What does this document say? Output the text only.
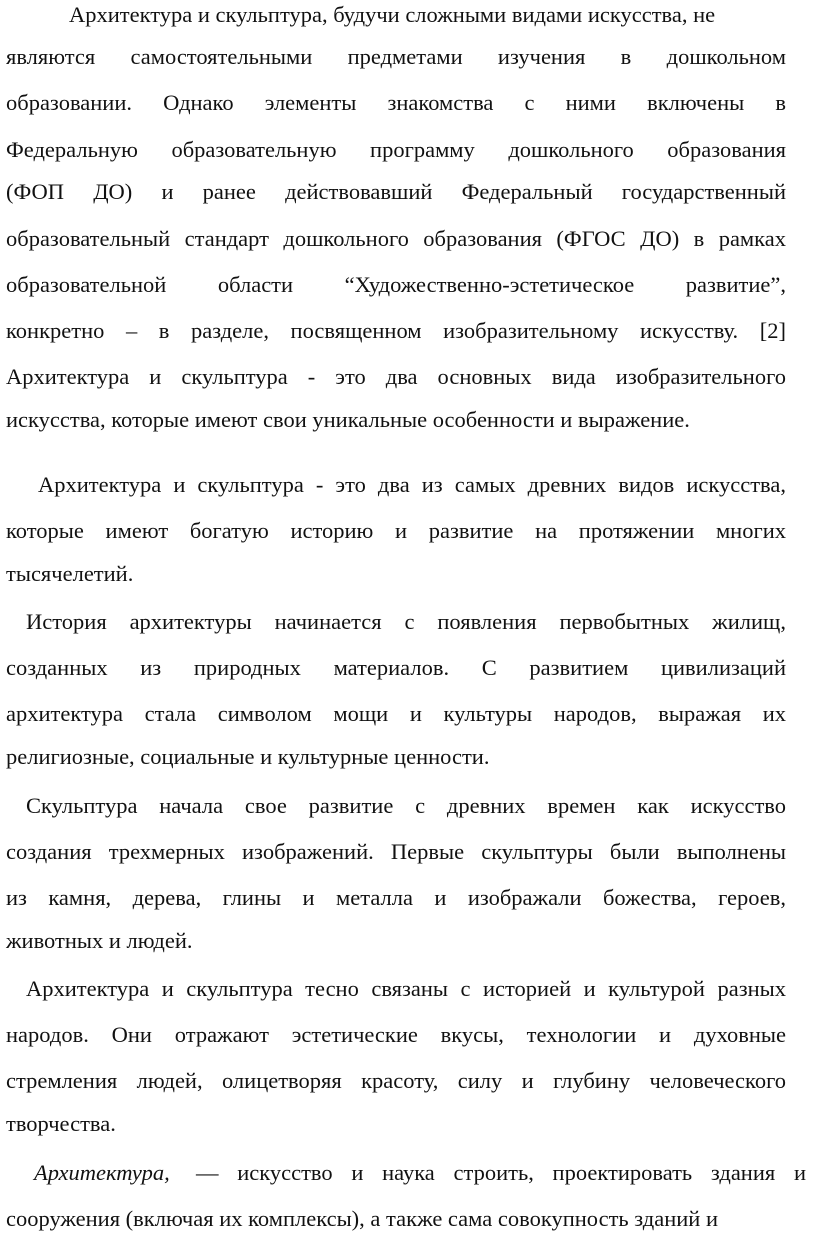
Архитектура и скульптура, будучи сложными видами искусства, не
являются самостоятельными предметами изучения в дошкольном
образовании. Однако элементы знакомства с ними включены в
Федеральную образовательную программу дошкольного образования
(ФОП ДО) и ранее действовавший Федеральный государственный
образовательный стандарт дошкольного образования (ФГОС ДО) в рамках
образовательной области “Художественно-эстетическое развитие”,
конкретно – в разделе, посвященном изобразительному искусству. [2]
Архитектура и скульптура - это два основных вида изобразительного
искусства, которые имеют свои уникальные особенности и выражение.
Архитектура и скульптура - это два из самых древних видов искусства,
которые имеют богатую историю и развитие на протяжении многих
тысячелетий.
История архитектуры начинается с появления первобытных жилищ,
созданных из природных материалов. С развитием цивилизаций
архитектура стала символом мощи и культуры народов, выражая их
религиозные, социальные и культурные ценности.
Скульптура начала свое развитие с древних времен как искусство
создания трехмерных изображений. Первые скульптуры были выполнены
из камня, дерева, глины и металла и изображали божества, героев,
животных и людей.
Архитектура и скульптура тесно связаны с историей и культурой разных
народов. Они отражают эстетические вкусы, технологии и духовные
стремления людей, олицетворяя красоту, силу и глубину человеческого
творчества.
Архитектура,	— искусство и наука строить, проектировать здания и
сооружения (включая их комплексы), а также сама совокупность зданий и
